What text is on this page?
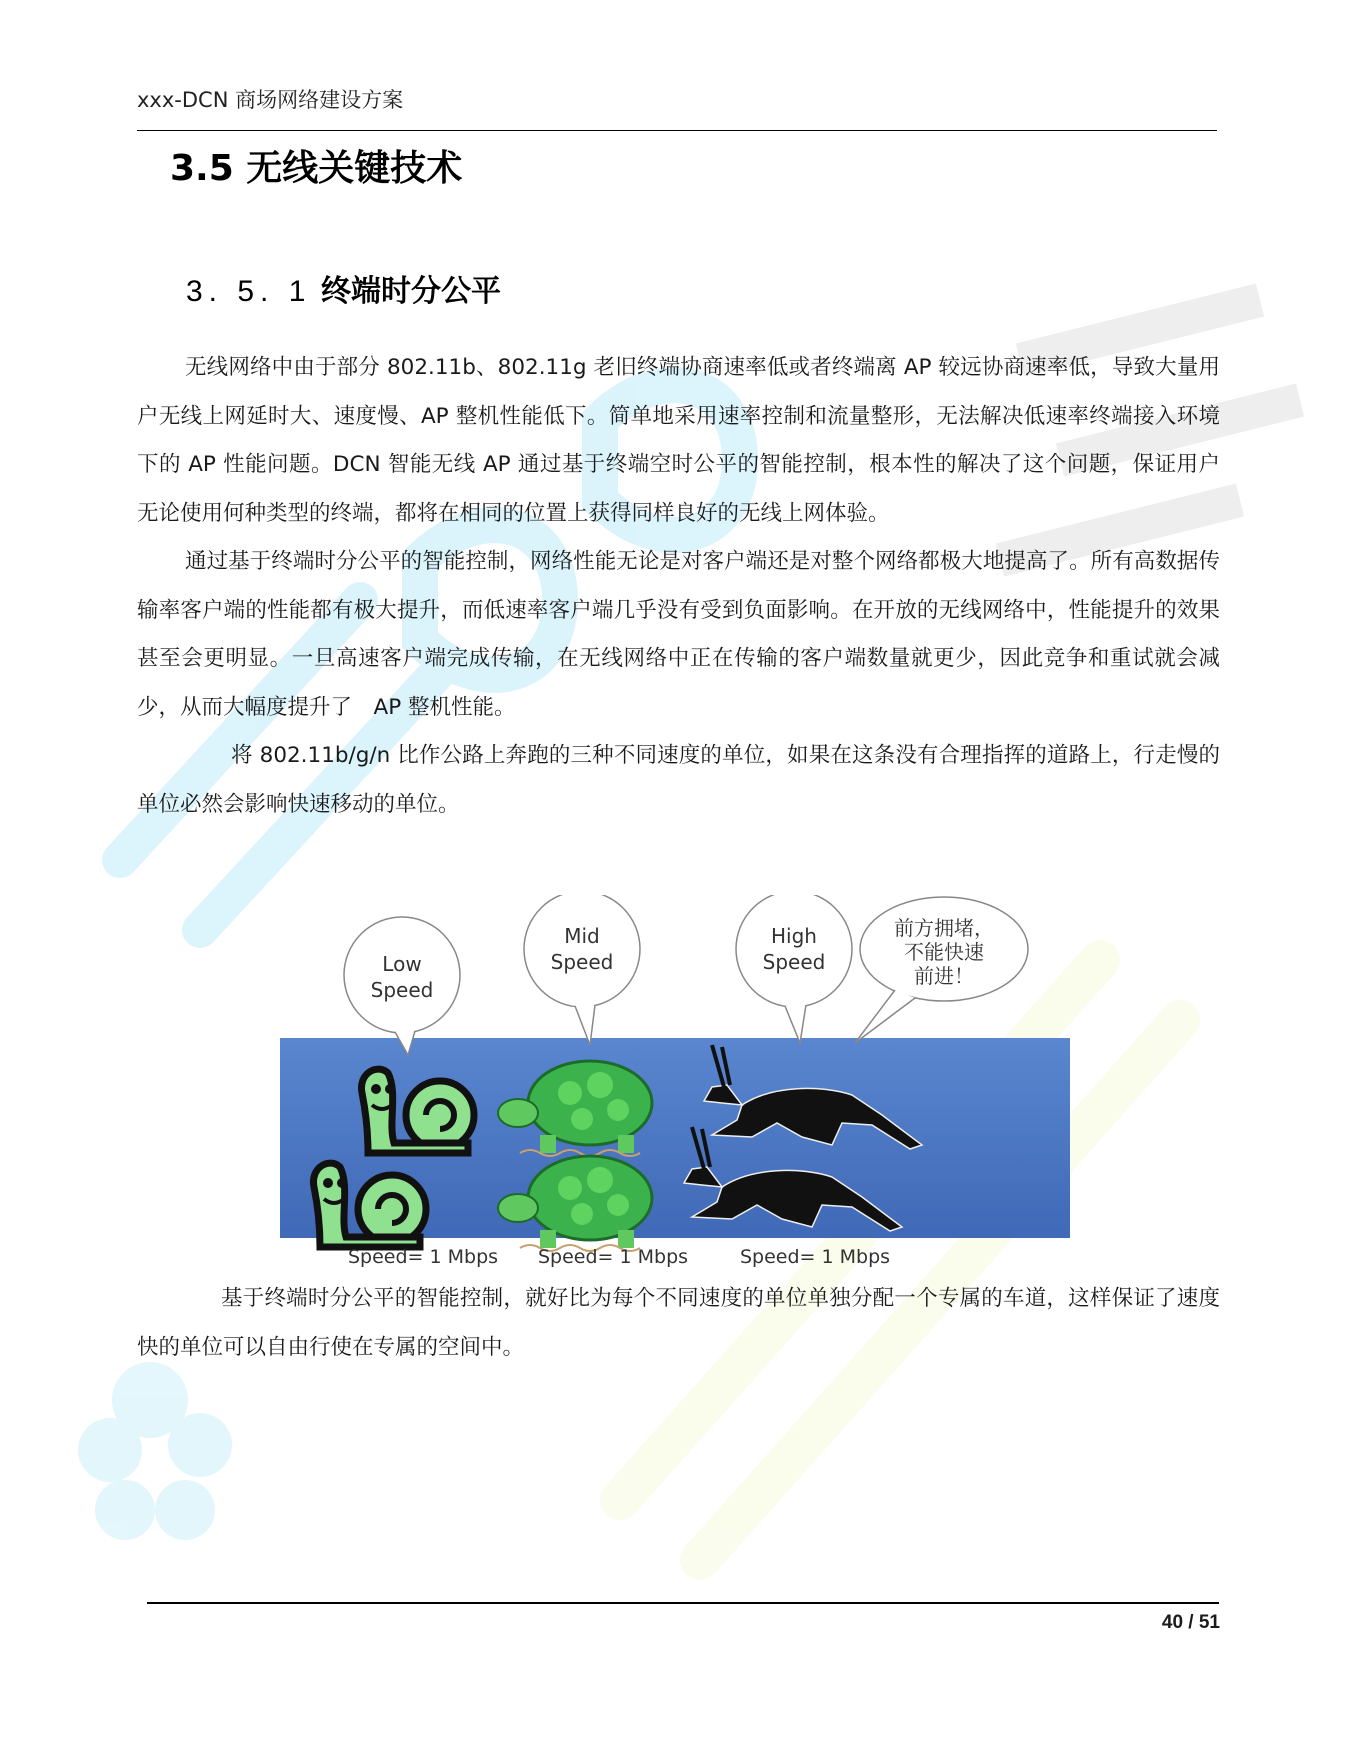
xxx-DCN 商场网络建设方案
3.5 无线关键技术
3. 5. 1 终端时分公平

无线网络中由于部分 802.11b、802.11g 老旧终端协商速率低或者终端离 AP 较远协商速率低，导致大量用户无线上网延时大、速度慢、AP 整机性能低下。简单地采用速率控制和流量整形，无法解决低速率终端接入环境下的 AP 性能问题。DCN 智能无线 AP 通过基于终端空时公平的智能控制，根本性的解决了这个问题，保证用户无论使用何种类型的终端，都将在相同的位置上获得同样良好的无线上网体验。

通过基于终端时分公平的智能控制，网络性能无论是对客户端还是对整个网络都极大地提高了。所有高数据传输率客户端的性能都有极大提升，而低速率客户端几乎没有受到负面影响。在开放的无线网络中，性能提升的效果甚至会更明显。一旦高速客户端完成传输，在无线网络中正在传输的客户端数量就更少，因此竞争和重试就会减少，从而大幅度提升了　AP 整机性能。

将 802.11b/g/n 比作公路上奔跑的三种不同速度的单位，如果在这条没有合理指挥的道路上，行走慢的单位必然会影响快速移动的单位。

Low
Speed
Mid
Speed
High
Speed
前方拥堵，
不能快速
前进！
Speed= 1 Mbps Speed= 1 Mbps	Speed= 1 Mbps

基于终端时分公平的智能控制，就好比为每个不同速度的单位单独分配一个专属的车道，这样保证了速度快的单位可以自由行使在专属的空间中。

40 / 51
